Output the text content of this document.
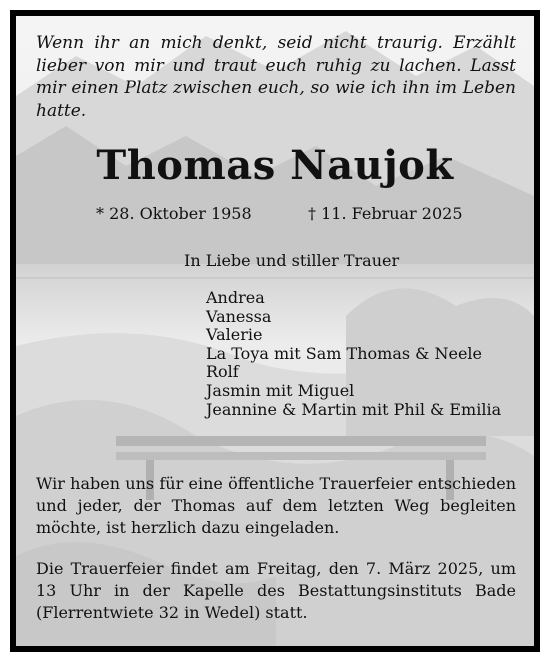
Wenn ihr an mich denkt, seid nicht traurig. Erzählt lieber von mir und traut euch ruhig zu lachen. Lasst mir einen Platz zwischen euch, so wie ich ihn im Leben hatte.
Thomas Naujok
* 28. Oktober 1958	† 11. Februar 2025
In Liebe und stiller Trauer
Andrea
Vanessa
Valerie
La Toya mit Sam Thomas & Neele
Rolf
Jasmin mit Miguel
Jeannine & Martin mit Phil & Emilia
Wir haben uns für eine öffentliche Trauerfeier entschieden und jeder, der Thomas auf dem letzten Weg begleiten möchte, ist herzlich dazu eingeladen.
Die Trauerfeier findet am Freitag, den 7. März 2025, um 13 Uhr in der Kapelle des Bestattungsinstituts Bade (Flerrentwiete 32 in Wedel) statt.
